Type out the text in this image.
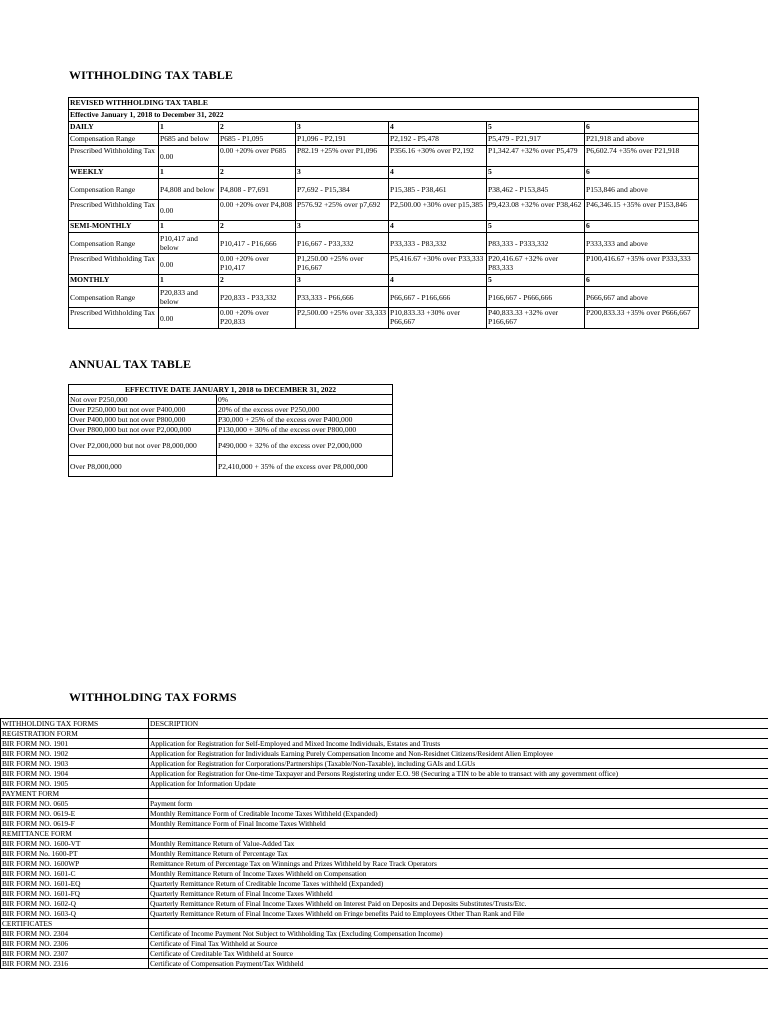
WITHHOLDING TAX TABLE
REVISED WITHHOLDING TAX TABLE						
Effective January 1, 2018 to December 31, 2022						
DAILY	1	2	3	4	5	6
Compensation Range	P685 and below	P685 - P1,095	P1,096 - P2,191	P2,192 - P5,478	P5,479 - P21,917	P21,918 and above
Prescribed Withholding Tax	0.00	0.00 +20% over P685	P82.19 +25% over P1,096	P356.16 +30% over P2,192	P1,342.47 +32% over P5,479	P6,602.74 +35% over P21,918
WEEKLY	1	2	3	4	5	6
Compensation Range	P4,808 and below	P4,808 - P7,691	P7,692 - P15,384	P15,385 - P38,461	P38,462 - P153,845	P153,846 and above
Prescribed Withholding Tax	0.00	0.00 +20% over P4,808	P576.92 +25% over p7,692	P2,500.00 +30% over p15,385	P9,423.08 +32% over P38,462	P46,346.15 +35% over P153,846
SEMI-MONTHLY	1	2	3	4	5	6
Compensation Range	P10,417 and below	P10,417 - P16,666	P16,667 - P33,332	P33,333 - P83,332	P83,333 - P333,332	P333,333 and above
Prescribed Withholding Tax	0.00	0.00 +20% over P10,417	P1,250.00 +25% over P16,667	P5,416.67 +30% over P33,333	P20,416.67 +32% over P83,333	P100,416.67 +35% over P333,333
MONTHLY	1	2	3	4	5	6
Compensation Range	P20,833 and below	P20,833 - P33,332	P33,333 - P66,666	P66,667 - P166,666	P166,667 - P666,666	P666,667 and above
Prescribed Withholding Tax	0.00	0.00 +20% over P20,833	P2,500.00 +25% over 33,333	P10,833.33 +30% over P66,667	P40,833.33 +32% over P166,667	P200,833.33 +35% over P666,667
ANNUAL TAX TABLE
EFFECTIVE DATE JANUARY 1, 2018 to DECEMBER 31, 2022	
Not over P250,000	0%
Over P250,000 but not over P400,000	20% of the excess over P250,000
Over P400,000 but not over P800,000	P30,000 + 25% of the excess over P400,000
Over P800,000 but not over P2,000,000	P130,000 + 30% of the excess over P800,000
Over P2,000,000 but not over P8,000,000	P490,000 + 32% of the excess over P2,000,000
Over P8,000,000	P2,410,000 + 35% of the excess over P8,000,000
WITHHOLDING TAX FORMS
WITHHOLDING TAX FORMS	DESCRIPTION
REGISTRATION FORM	
BIR FORM NO. 1901	Application for Registration for Self-Employed and Mixed Income Individuals, Estates and Trusts
BIR FORM NO. 1902	Application for Registration for Individuals Earning Purely Compensation Income and Non-Residnet Citizens/Resident Alien Employee
BIR FORM NO. 1903	Application for Registration for Corporations/Partnerships (Taxable/Non-Taxable), including GAIs and LGUs
BIR FORM NO. 1904	Application for Registration for One-time Taxpayer and Persons Registering under E.O. 98 (Securing a TIN to be able to transact with any government office)
BIR FORM NO. 1905	Application for Information Update
PAYMENT FORM	
BIR FORM NO. 0605	Payment form
BIR FORM NO. 0619-E	Monthly Remittance Form of Creditable Income Taxes Withheld (Expanded)
BIR FORM NO. 0619-F	Monthly Remittance Form of Final Income Taxes Withheld
REMITTANCE FORM	
BIR FORM NO. 1600-VT	Monthly Remittance Return of Value-Added Tax
BIR FORM No. 1600-PT	Monthly Remittance Return of Percentage Tax
BIR FORM NO. 1600WP	Remittance Return of Percentage Tax on Winnings and Prizes Withheld by Race Track Operators
BIR FORM NO. 1601-C	Monthly Remittance Return of Income Taxes Withheld on Compensation
BIR FORM NO. 1601-EQ	Quarterly Remittance Return of Creditable Income Taxes withheld (Expanded)
BIR FORM NO. 1601-FQ	Quarterly Remittance Return of Final Income Taxes Withheld
BIR FORM NO. 1602-Q	Quarterly Remittance Return of Final Income Taxes Withheld on Interest Paid on Deposits and Deposits Substitutes/Trusts/Etc.
BIR FORM NO. 1603-Q	Quarterly Remittance Return of Final Income Taxes Withheld on Fringe benefits Paid to Employees Other Than Rank and File
CERTIFICATES	
BIR FORM NO. 2304	Certificate of Income Payment Not Subject to Withholding Tax (Excluding Compensation Income)
BIR FORM NO. 2306	Certificate of Final Tax Withheld at Source
BIR FORM NO. 2307	Certificate of Creditable Tax Withheld at Source
BIR FORM NO. 2316	Certificate of Compensation Payment/Tax Withheld
